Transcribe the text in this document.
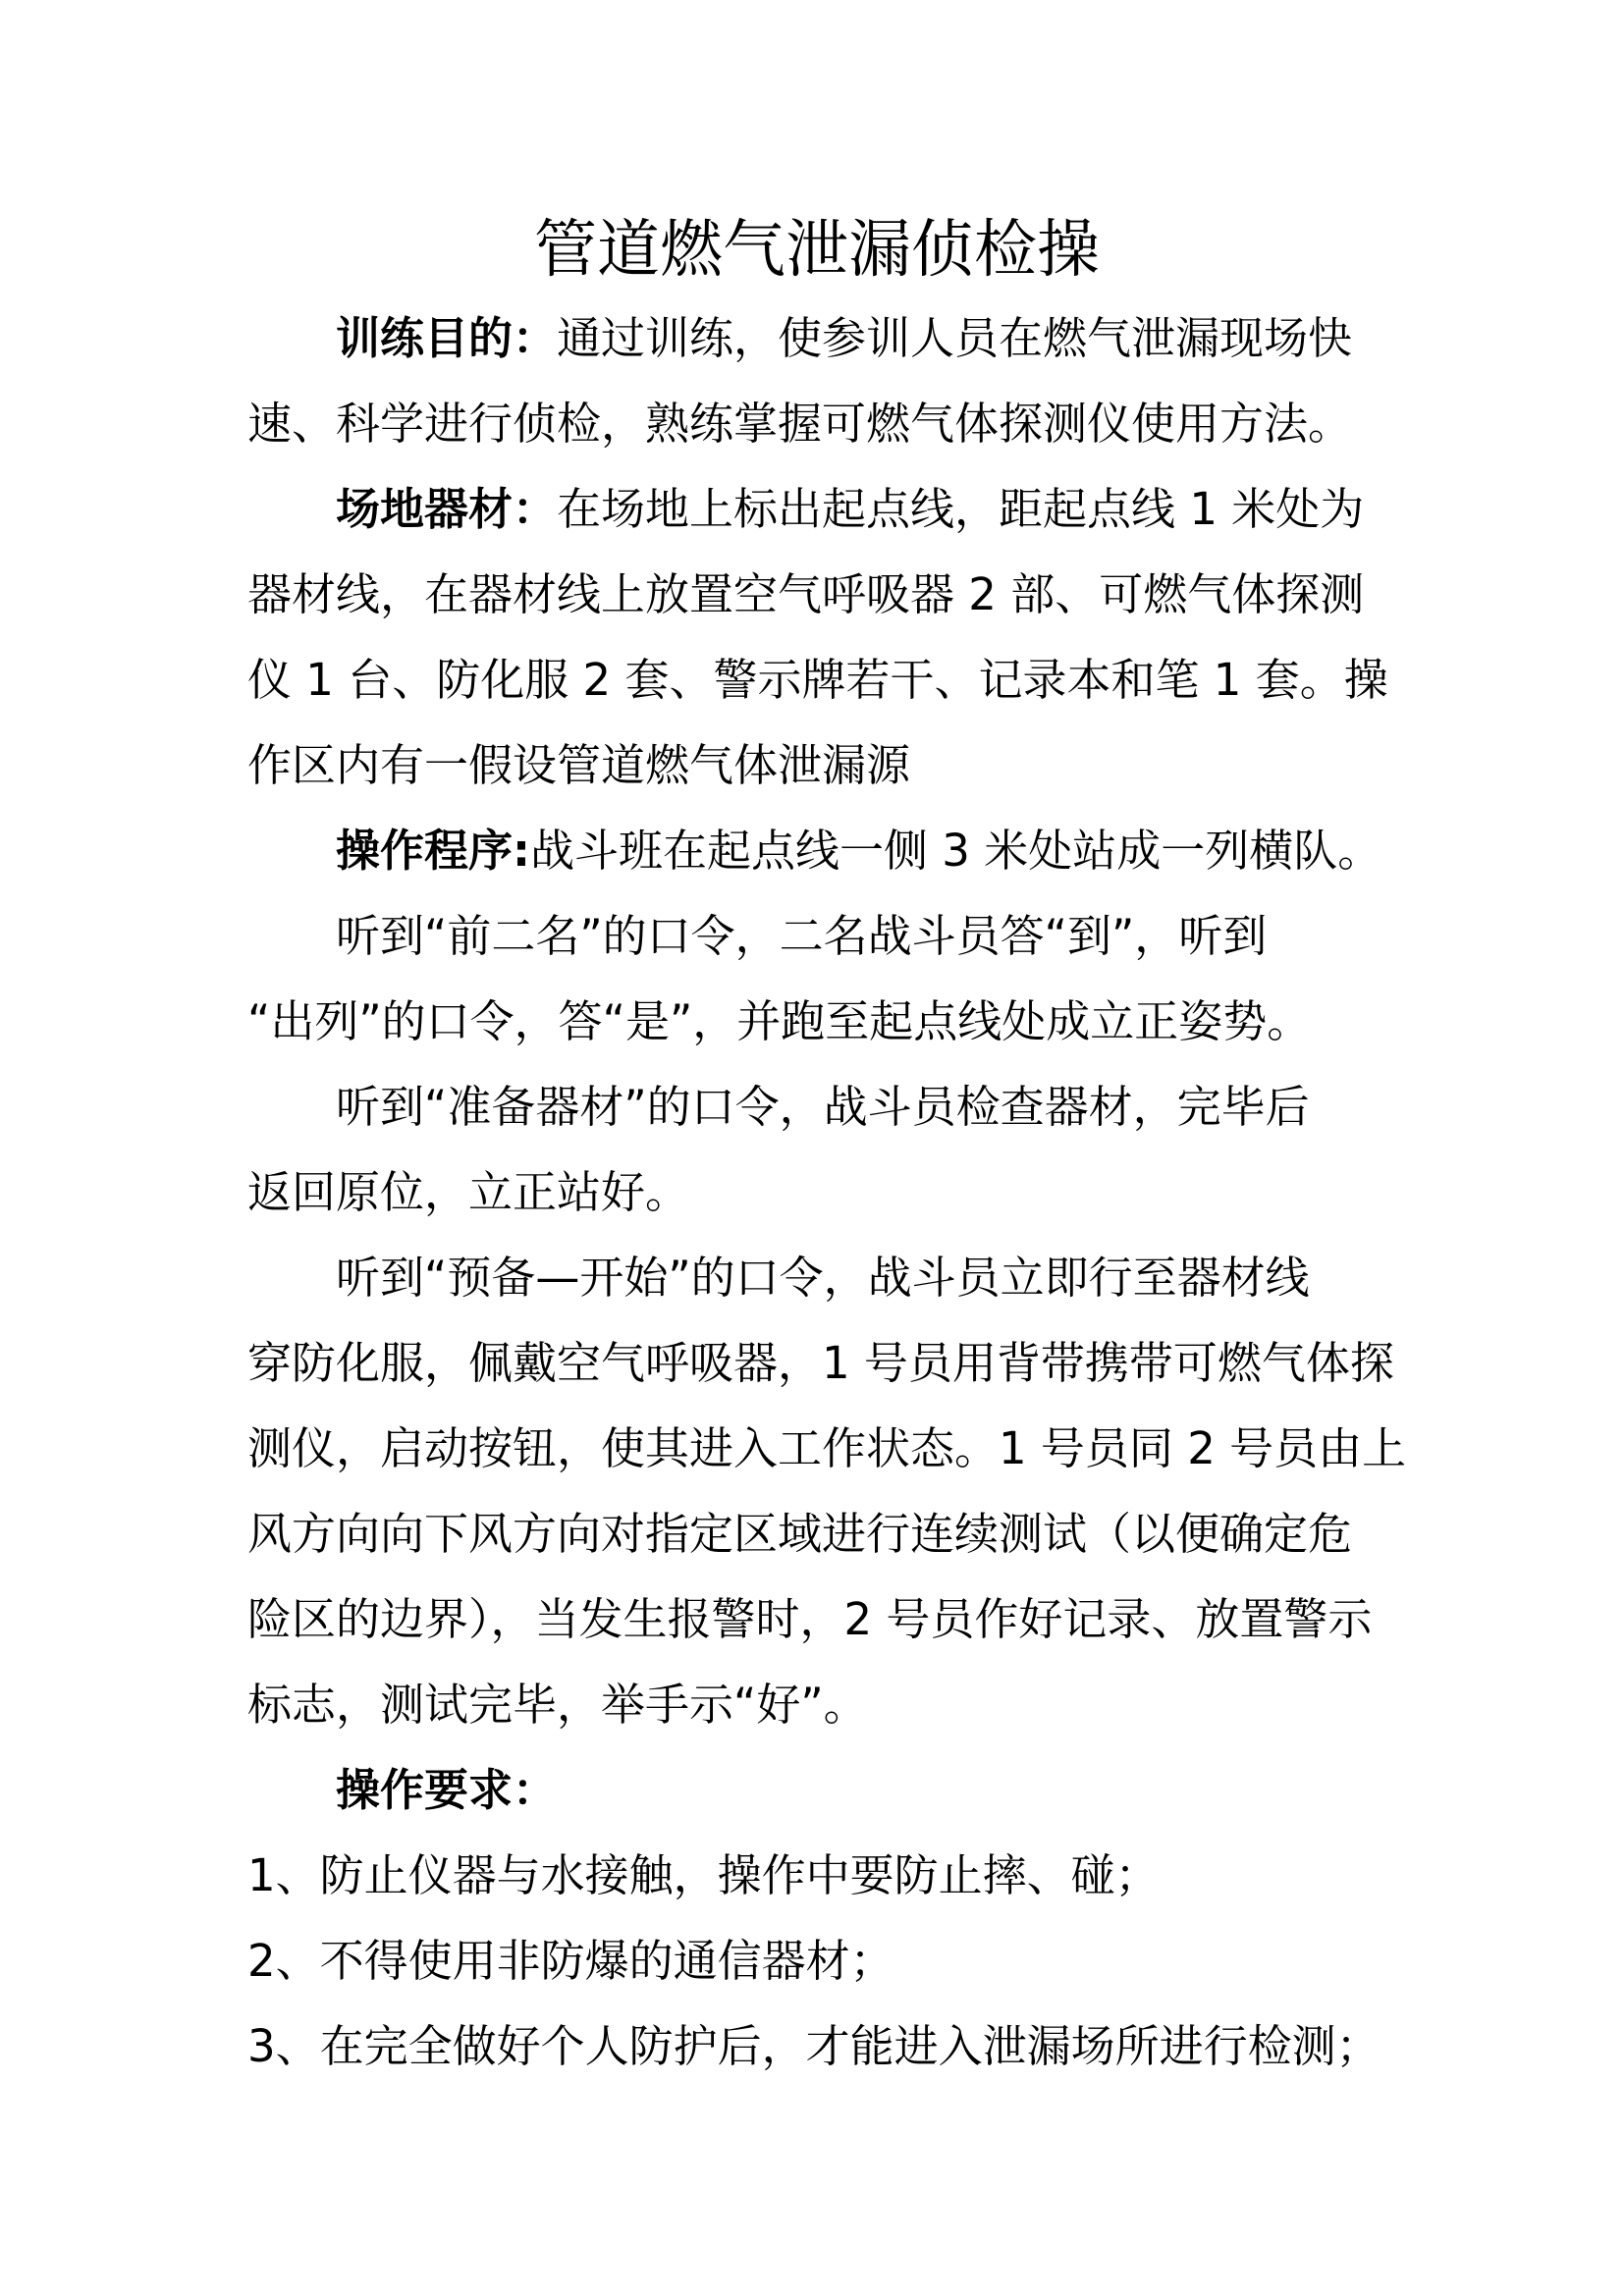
管道燃气泄漏侦检操
训练目的：通过训练，使参训人员在燃气泄漏现场快
速、科学进行侦检，熟练掌握可燃气体探测仪使用方法。
场地器材：在场地上标出起点线，距起点线 1 米处为
器材线，在器材线上放置空气呼吸器 2 部、可燃气体探测
仪 1 台、防化服 2 套、警示牌若干、记录本和笔 1 套。操
作区内有一假设管道燃气体泄漏源
操作程序:战斗班在起点线一侧 3 米处站成一列横队。
听到“前二名”的口令，二名战斗员答“到”，听到
“出列”的口令，答“是”，并跑至起点线处成立正姿势。
听到“准备器材”的口令，战斗员检查器材，完毕后
返回原位，立正站好。
听到“预备—开始”的口令，战斗员立即行至器材线
穿防化服，佩戴空气呼吸器，1 号员用背带携带可燃气体探
测仪，启动按钮，使其进入工作状态。1 号员同 2 号员由上
风方向向下风方向对指定区域进行连续测试（以便确定危
险区的边界），当发生报警时，2 号员作好记录、放置警示
标志，测试完毕，举手示“好”。
操作要求：
1、防止仪器与水接触，操作中要防止摔、碰；
2、不得使用非防爆的通信器材；
3、在完全做好个人防护后，才能进入泄漏场所进行检测；
